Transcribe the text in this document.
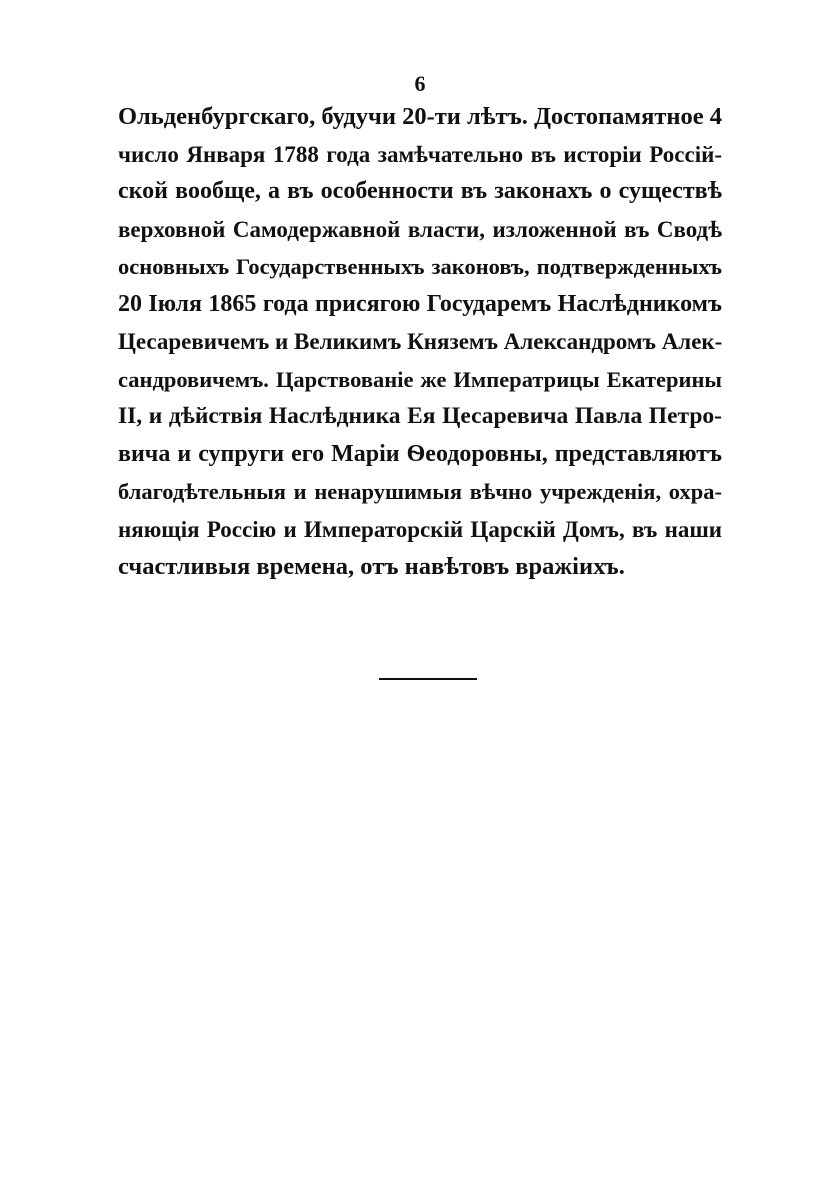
6
Ольденбургскаго, будучи 20-ти лѣтъ. Достопамятное 4
число Января 1788 года замѣчательно въ исторіи Россій-
ской вообще, а въ особенности въ законахъ о существѣ
верховной Самодержавной власти, изложенной въ Сводѣ
основныхъ Государственныхъ законовъ, подтвержденныхъ
20 Іюля 1865 года присягою Государемъ Наслѣдникомъ
Цесаревичемъ и Великимъ Княземъ Александромъ Алек-
сандровичемъ. Царствованіе же Императрицы Екатерины
II, и дѣйствія Наслѣдника Ея Цесаревича Павла Петро-
вича и супруги его Маріи Ѳеодоровны, представляютъ
благодѣтельныя и ненарушимыя вѣчно учрежденія, охра-
няющія Россію и Императорскій Царскій Домъ, въ наши
счастливыя времена, отъ навѣтовъ вражіихъ.
